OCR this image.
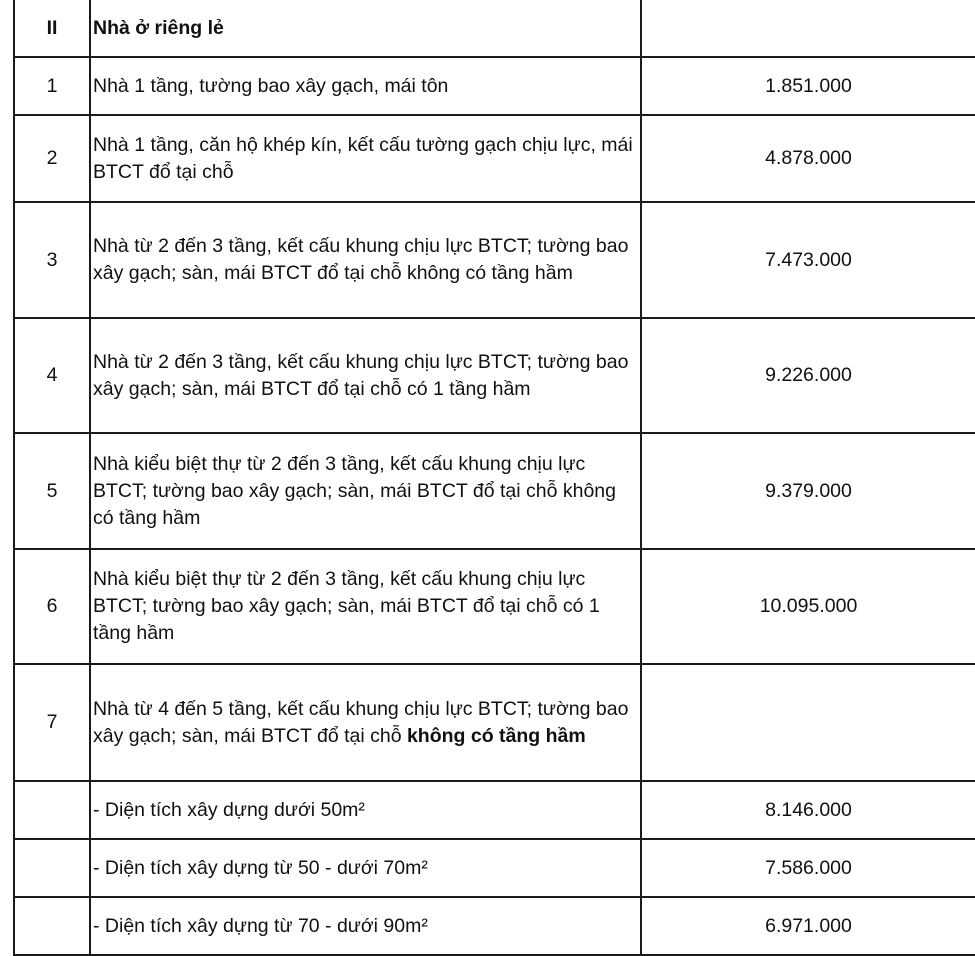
II	Nhà ở riêng lẻ	
1	Nhà 1 tầng, tường bao xây gạch, mái tôn	1.851.000
2	Nhà 1 tầng, căn hộ khép kín, kết cấu tường gạch chịu lực, mái BTCT đổ tại chỗ	4.878.000
3	Nhà từ 2 đến 3 tầng, kết cấu khung chịu lực BTCT; tường bao xây gạch; sàn, mái BTCT đổ tại chỗ không có tầng hầm	7.473.000
4	Nhà từ 2 đến 3 tầng, kết cấu khung chịu lực BTCT; tường bao xây gạch; sàn, mái BTCT đổ tại chỗ có 1 tầng hầm	9.226.000
5	Nhà kiểu biệt thự từ 2 đến 3 tầng, kết cấu khung chịu lực BTCT; tường bao xây gạch; sàn, mái BTCT đổ tại chỗ không có tầng hầm	9.379.000
6	Nhà kiểu biệt thự từ 2 đến 3 tầng, kết cấu khung chịu lực BTCT; tường bao xây gạch; sàn, mái BTCT đổ tại chỗ có 1 tầng hầm	10.095.000
7	Nhà từ 4 đến 5 tầng, kết cấu khung chịu lực BTCT; tường bao xây gạch; sàn, mái BTCT đổ tại chỗ không có tầng hầm	
	- Diện tích xây dựng dưới 50m²	8.146.000
	- Diện tích xây dựng từ 50 - dưới 70m²	7.586.000
	- Diện tích xây dựng từ 70 - dưới 90m²	6.971.000
